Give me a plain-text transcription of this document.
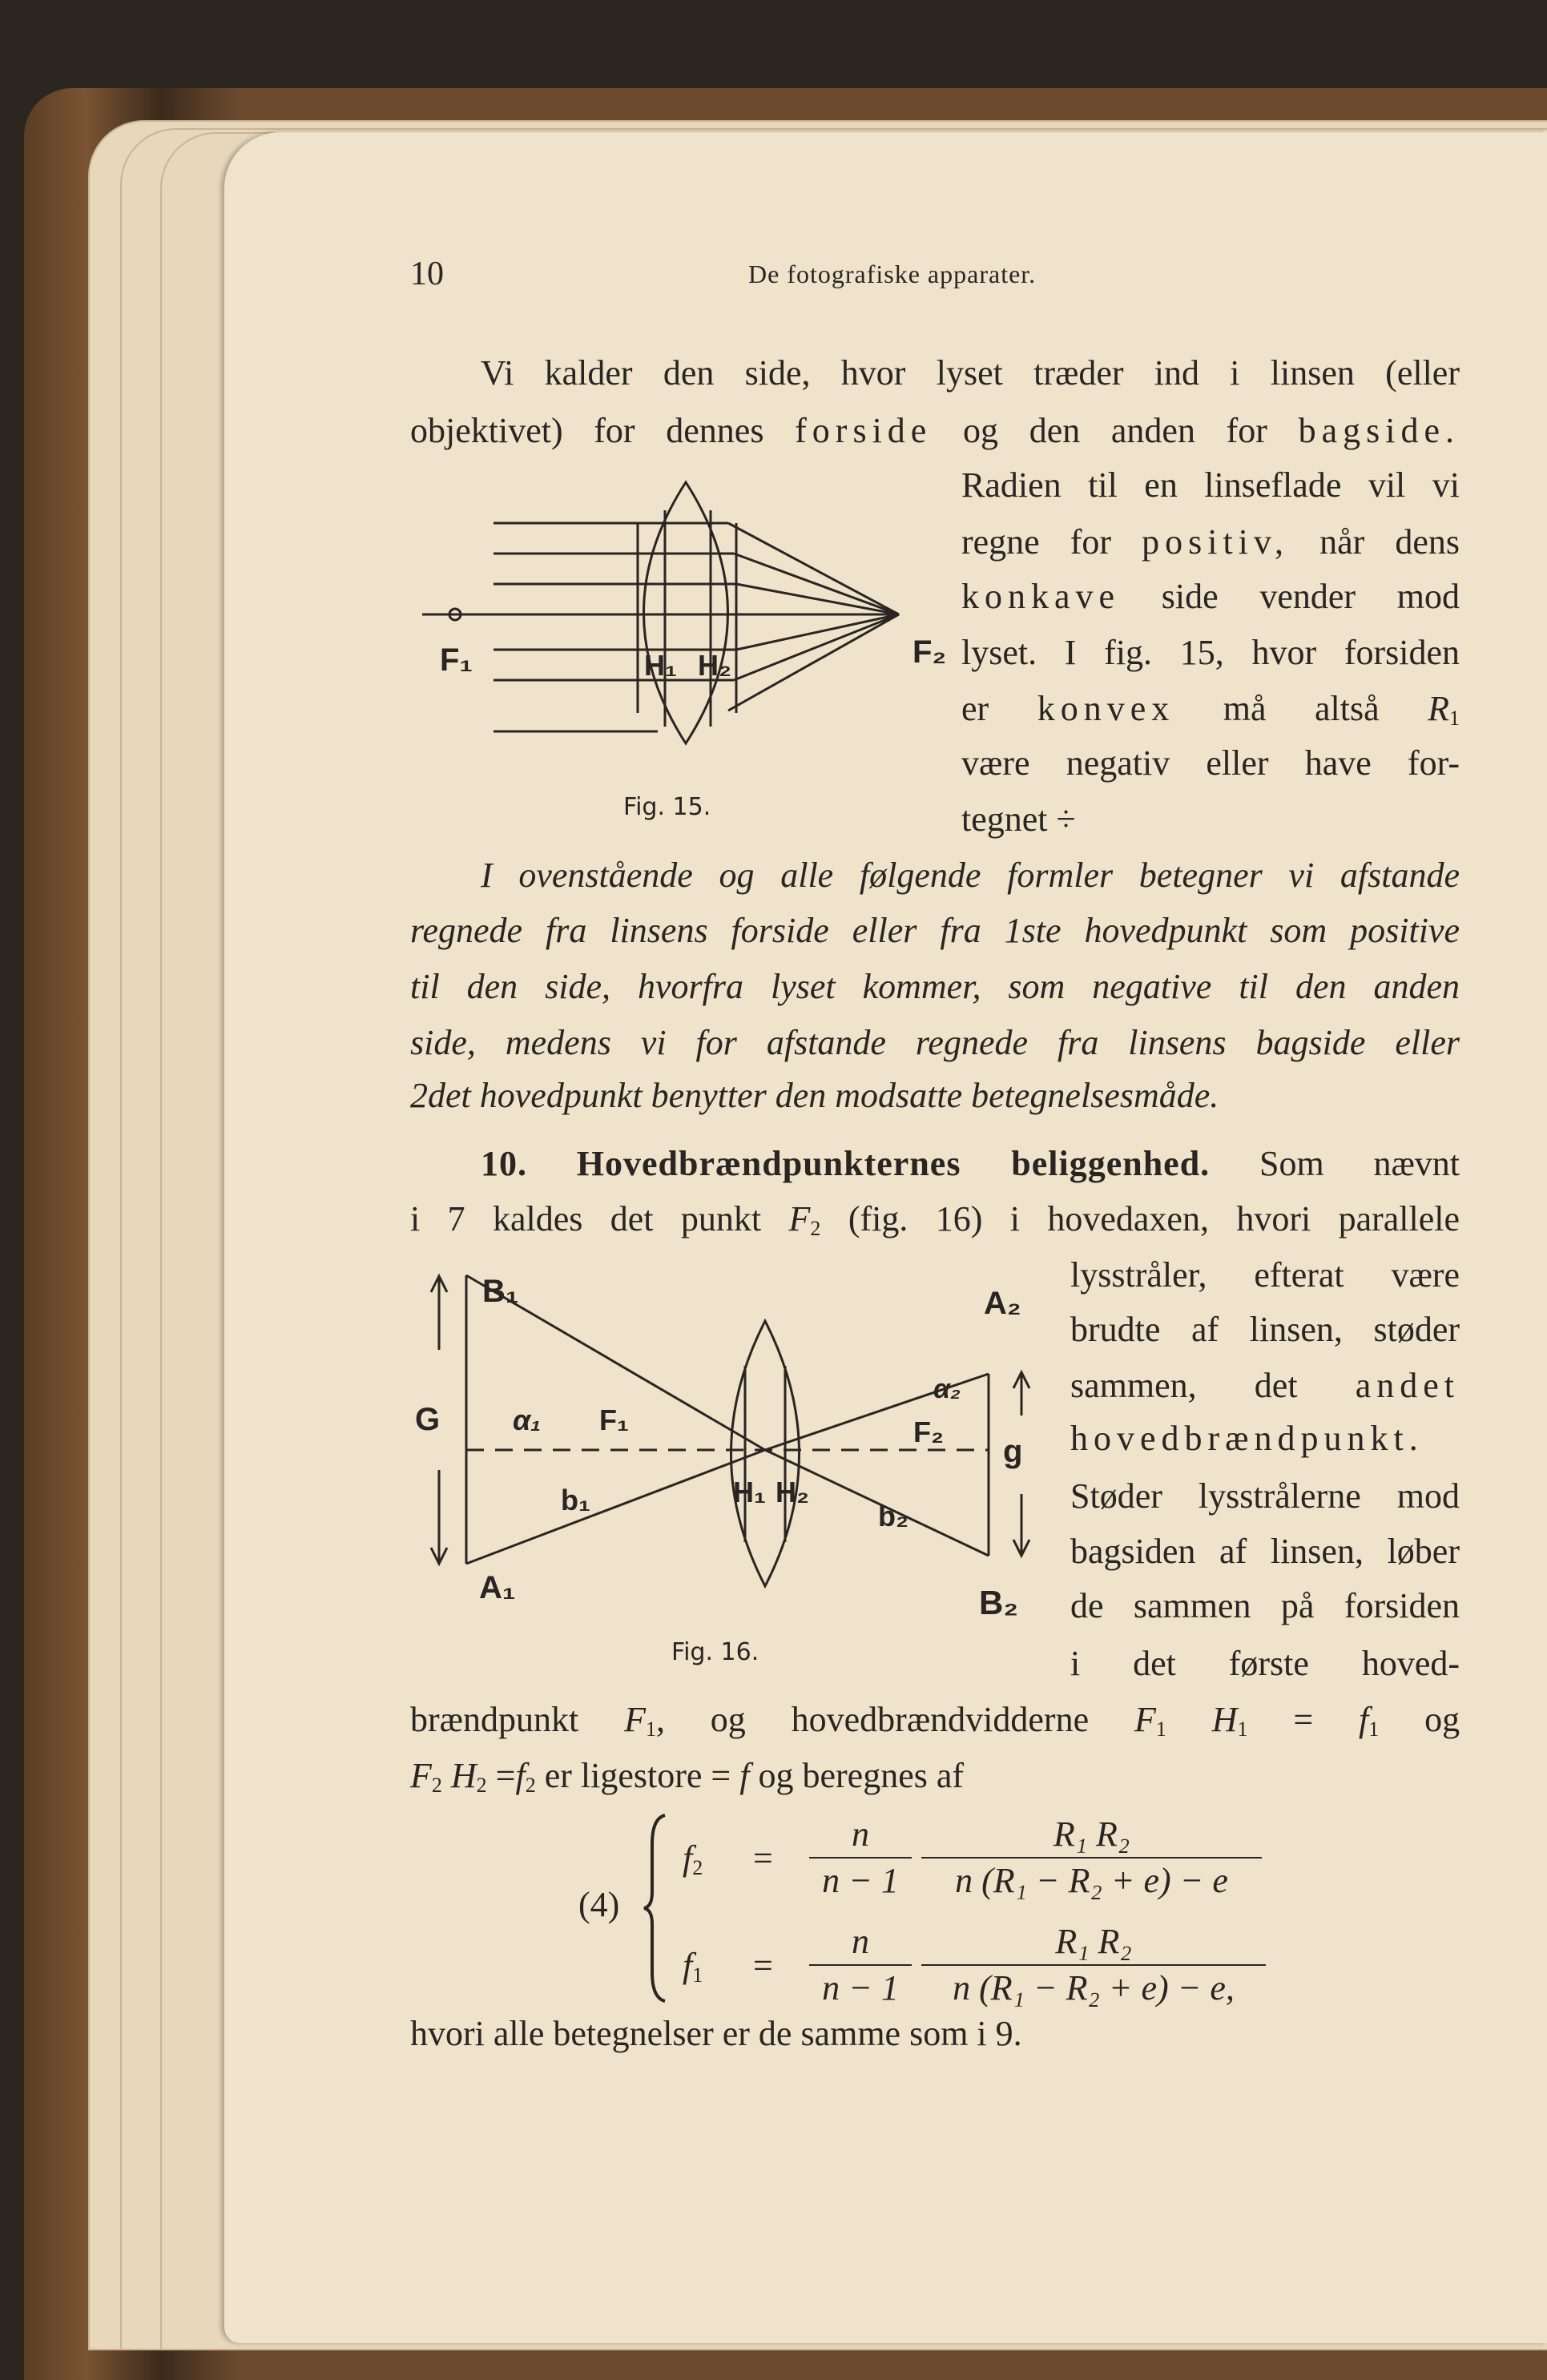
10	De fotografiske apparater.
Vi kalder den side, hvor lyset træder ind i linsen (eller
objektivet) for dennes forside og den anden for bagside.
Radien til en linseflade vil vi
regne for positiv, når dens
konkave side vender mod
lyset. I fig. 15, hvor forsiden
er konvex må altså $R_1$
være negativ eller have for-
tegnet ÷
F₁	F₂
H₁ H₂
Fig. 15.
I ovenstående og alle følgende formler betegner vi afstande
regnede fra linsens forside eller fra 1ste hovedpunkt som positive
til den side, hvorfra lyset kommer, som negative til den anden
side, medens vi for afstande regnede fra linsens bagside eller
2det hovedpunkt benytter den modsatte betegnelsesmåde.
10. Hovedbrændpunkternes beliggenhed. Som nævnt
i 7 kaldes det punkt $F_2$ (fig. 16) i hovedaxen, hvori parallele
lysstråler, efterat være
brudte af linsen, støder
sammen, det andet
hovedbrændpunkt.
Støder lysstrålerne mod
bagsiden af linsen, løber
de sammen på forsiden
i det første hoved-
B₁
G	α₁ F₁
b₁
A₁
A₂
α₂
F₂
g
b₂
H₁ H₂
B₂
Fig. 16.
brændpunkt $F_1$, og hovedbrændvidderne $F_1$ $H_1 = f_1$ og
$F_2$ $H_2 =f_2$ er ligestore = f og beregnes af
(4)
$f_2 = \frac{n}{n - 1} \frac{\text{R₁ R₂}}{\text{n (R₁ − R₂ + e) − e}}$
$f_1 = \frac{n}{n - 1} \frac{\text{R₁ R₂}}{\text{n (R₁ − R₂ + e) − e,}}$
hvori alle betegnelser er de samme som i 9.
